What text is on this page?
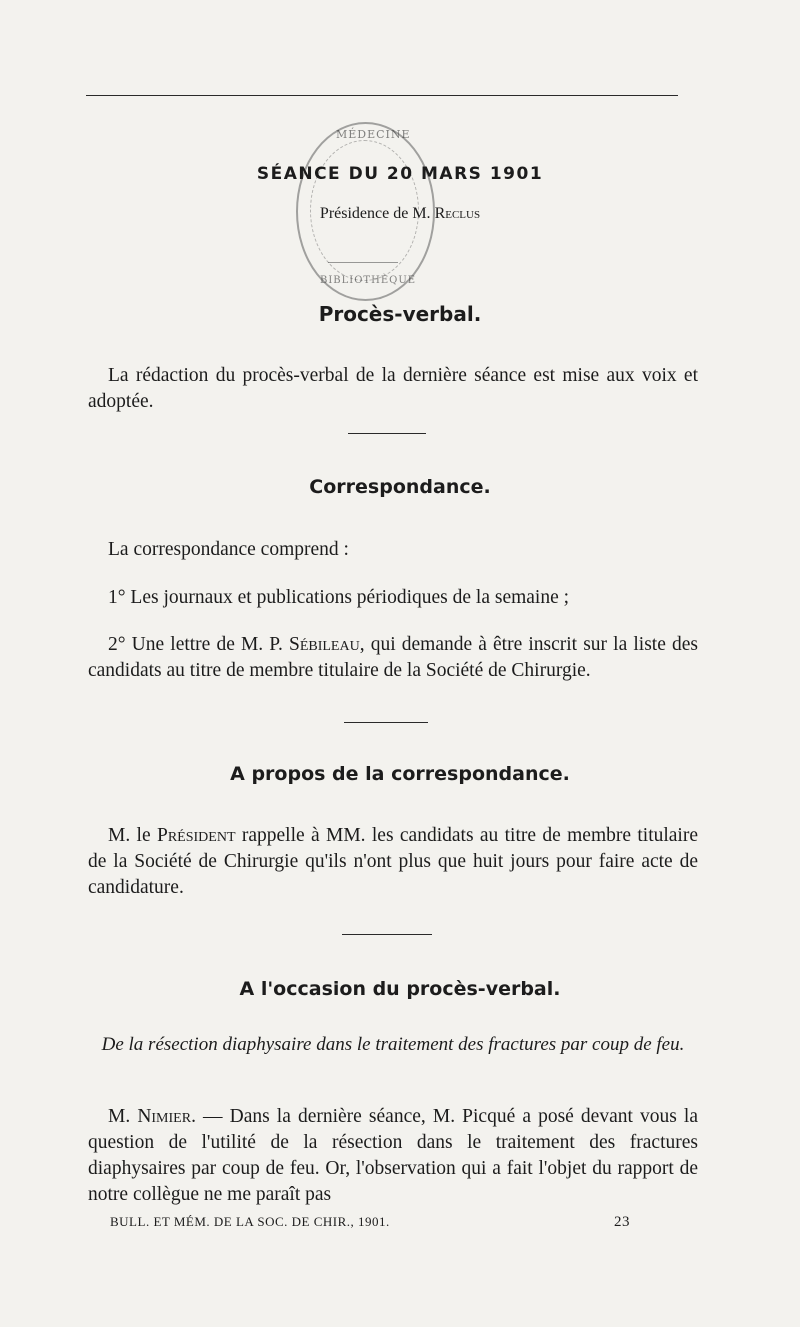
MÉDECINE
BIBLIOTHÈQUE
SÉANCE DU 20 MARS 1901
Présidence de M. Reclus
Procès-verbal.

La rédaction du procès-verbal de la dernière séance est mise aux voix et adoptée.

Correspondance.

La correspondance comprend :

1° Les journaux et publications périodiques de la semaine ;

2° Une lettre de M. P. Sébileau, qui demande à être inscrit sur la liste des candidats au titre de membre titulaire de la Société de Chirurgie.

A propos de la correspondance.

M. le Président rappelle à MM. les candidats au titre de membre titulaire de la Société de Chirurgie qu'ils n'ont plus que huit jours pour faire acte de candidature.

A l'occasion du procès-verbal.

De la résection diaphysaire dans le traitement des fractures par coup de feu.

M. Nimier. — Dans la dernière séance, M. Picqué a posé devant vous la question de l'utilité de la résection dans le traitement des fractures diaphysaires par coup de feu. Or, l'observation qui a fait l'objet du rapport de notre collègue ne me paraît pas

BULL. ET MÉM. DE LA SOC. DE CHIR., 1901.	23
